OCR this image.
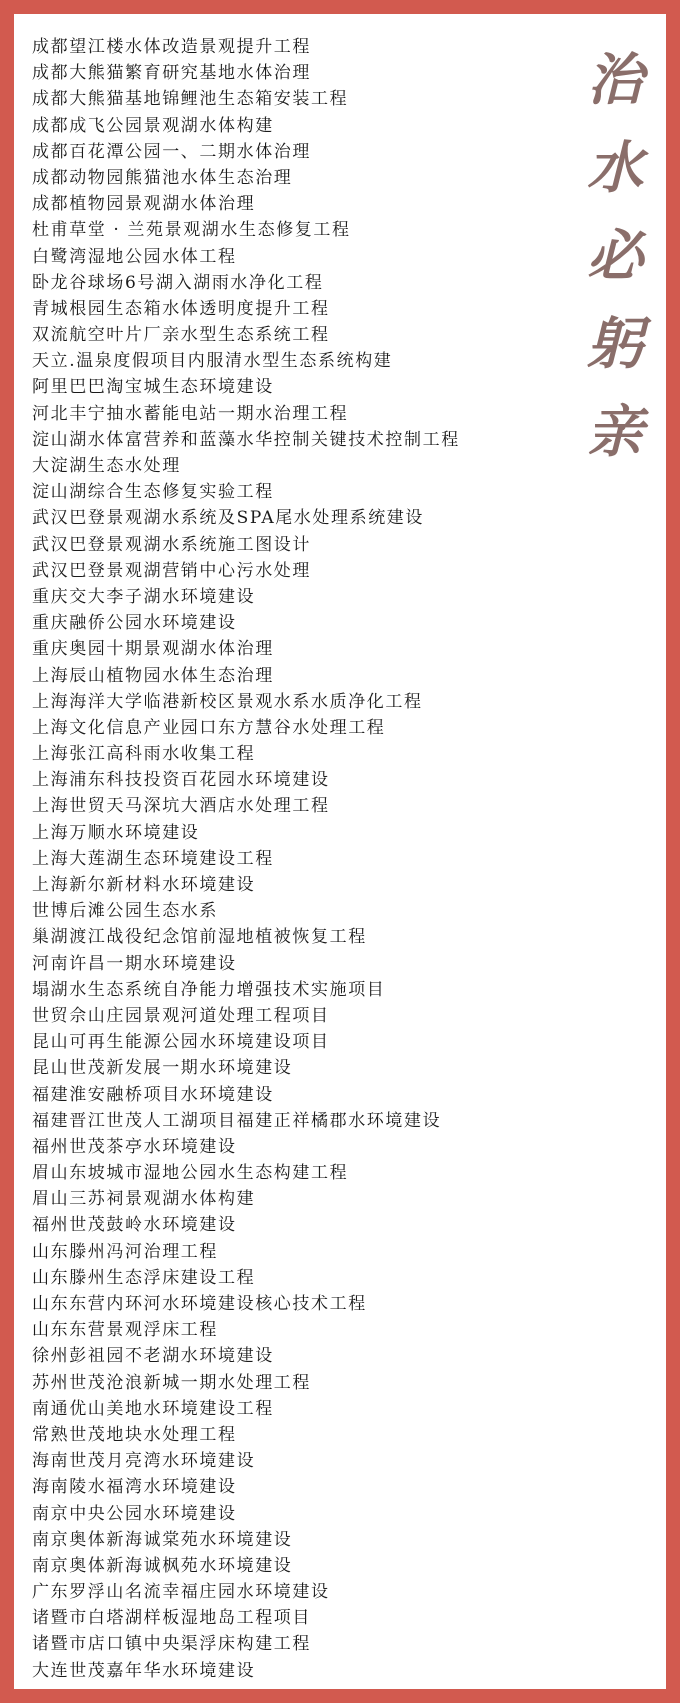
成都望江楼水体改造景观提升工程
成都大熊猫繁育研究基地水体治理
成都大熊猫基地锦鲤池生态箱安装工程
成都成飞公园景观湖水体构建
成都百花潭公园一、二期水体治理
成都动物园熊猫池水体生态治理
成都植物园景观湖水体治理
杜甫草堂 · 兰苑景观湖水生态修复工程
白鹭湾湿地公园水体工程
卧龙谷球场6号湖入湖雨水净化工程
青城根园生态箱水体透明度提升工程
双流航空叶片厂亲水型生态系统工程
天立.温泉度假项目内服清水型生态系统构建
阿里巴巴淘宝城生态环境建设
河北丰宁抽水蓄能电站一期水治理工程
淀山湖水体富营养和蓝藻水华控制关键技术控制工程
大淀湖生态水处理
淀山湖综合生态修复实验工程
武汉巴登景观湖水系统及SPA尾水处理系统建设
武汉巴登景观湖水系统施工图设计
武汉巴登景观湖营销中心污水处理
重庆交大李子湖水环境建设
重庆融侨公园水环境建设
重庆奥园十期景观湖水体治理
上海辰山植物园水体生态治理
上海海洋大学临港新校区景观水系水质净化工程
上海文化信息产业园口东方慧谷水处理工程
上海张江高科雨水收集工程
上海浦东科技投资百花园水环境建设
上海世贸天马深坑大酒店水处理工程
上海万顺水环境建设
上海大莲湖生态环境建设工程
上海新尔新材料水环境建设
世博后滩公园生态水系
巢湖渡江战役纪念馆前湿地植被恢复工程
河南许昌一期水环境建设
塌湖水生态系统自净能力增强技术实施项目
世贸佘山庄园景观河道处理工程项目
昆山可再生能源公园水环境建设项目
昆山世茂新发展一期水环境建设
福建淮安融桥项目水环境建设
福建晋江世茂人工湖项目福建正祥橘郡水环境建设
福州世茂茶亭水环境建设
眉山东坡城市湿地公园水生态构建工程
眉山三苏祠景观湖水体构建
福州世茂鼓岭水环境建设
山东滕州冯河治理工程
山东滕州生态浮床建设工程
山东东营内环河水环境建设核心技术工程
山东东营景观浮床工程
徐州彭祖园不老湖水环境建设
苏州世茂沧浪新城一期水处理工程
南通优山美地水环境建设工程
常熟世茂地块水处理工程
海南世茂月亮湾水环境建设
海南陵水福湾水环境建设
南京中央公园水环境建设
南京奥体新海诚棠苑水环境建设
南京奥体新海诚枫苑水环境建设
广东罗浮山名流幸福庄园水环境建设
诸暨市白塔湖样板湿地岛工程项目
诸暨市店口镇中央渠浮床构建工程
大连世茂嘉年华水环境建设
治
水
必
躬
亲
